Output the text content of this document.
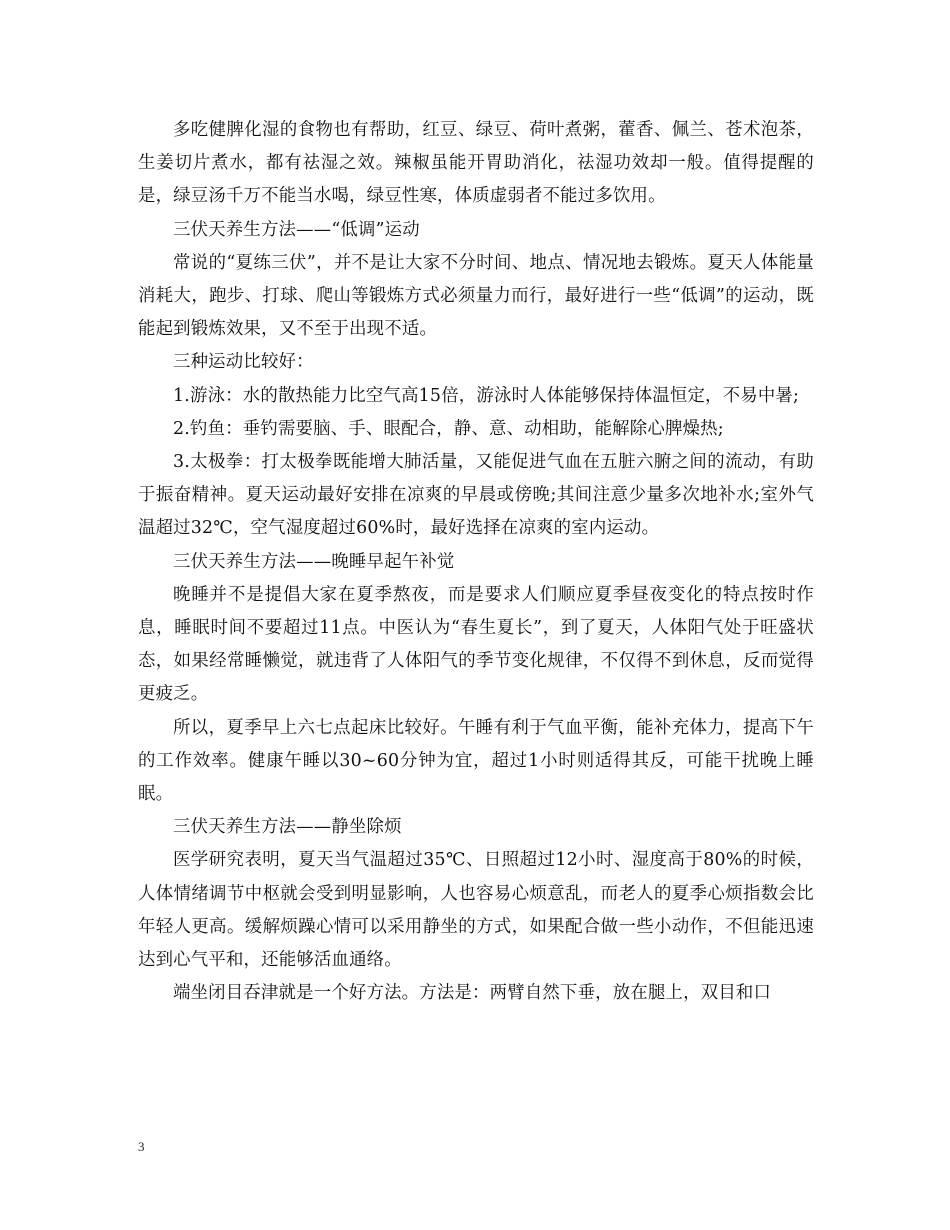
多吃健脾化湿的食物也有帮助，红豆、绿豆、荷叶煮粥，藿香、佩兰、苍术泡茶，生姜切片煮水，都有祛湿之效。辣椒虽能开胃助消化，祛湿功效却一般。值得提醒的是，绿豆汤千万不能当水喝，绿豆性寒，体质虚弱者不能过多饮用。

三伏天养生方法——“低调”运动

常说的“夏练三伏”，并不是让大家不分时间、地点、情况地去锻炼。夏天人体能量消耗大，跑步、打球、爬山等锻炼方式必须量力而行，最好进行一些“低调”的运动，既能起到锻炼效果，又不至于出现不适。

三种运动比较好：

1.游泳：水的散热能力比空气高15倍，游泳时人体能够保持体温恒定，不易中暑;

2.钓鱼：垂钓需要脑、手、眼配合，静、意、动相助，能解除心脾燥热;

3.太极拳：打太极拳既能增大肺活量，又能促进气血在五脏六腑之间的流动，有助于振奋精神。夏天运动最好安排在凉爽的早晨或傍晚;其间注意少量多次地补水;室外气温超过32℃，空气湿度超过60%时，最好选择在凉爽的室内运动。

三伏天养生方法——晚睡早起午补觉

晚睡并不是提倡大家在夏季熬夜，而是要求人们顺应夏季昼夜变化的特点按时作息，睡眠时间不要超过11点。中医认为“春生夏长”，到了夏天，人体阳气处于旺盛状态，如果经常睡懒觉，就违背了人体阳气的季节变化规律，不仅得不到休息，反而觉得更疲乏。

所以，夏季早上六七点起床比较好。午睡有利于气血平衡，能补充体力，提高下午的工作效率。健康午睡以30~60分钟为宜，超过1小时则适得其反，可能干扰晚上睡眠。

三伏天养生方法——静坐除烦

医学研究表明，夏天当气温超过35℃、日照超过12小时、湿度高于80%的时候，人体情绪调节中枢就会受到明显影响，人也容易心烦意乱，而老人的夏季心烦指数会比年轻人更高。缓解烦躁心情可以采用静坐的方式，如果配合做一些小动作，不但能迅速达到心气平和，还能够活血通络。

端坐闭目吞津就是一个好方法。方法是：两臂自然下垂，放在腿上，双目和口

3
